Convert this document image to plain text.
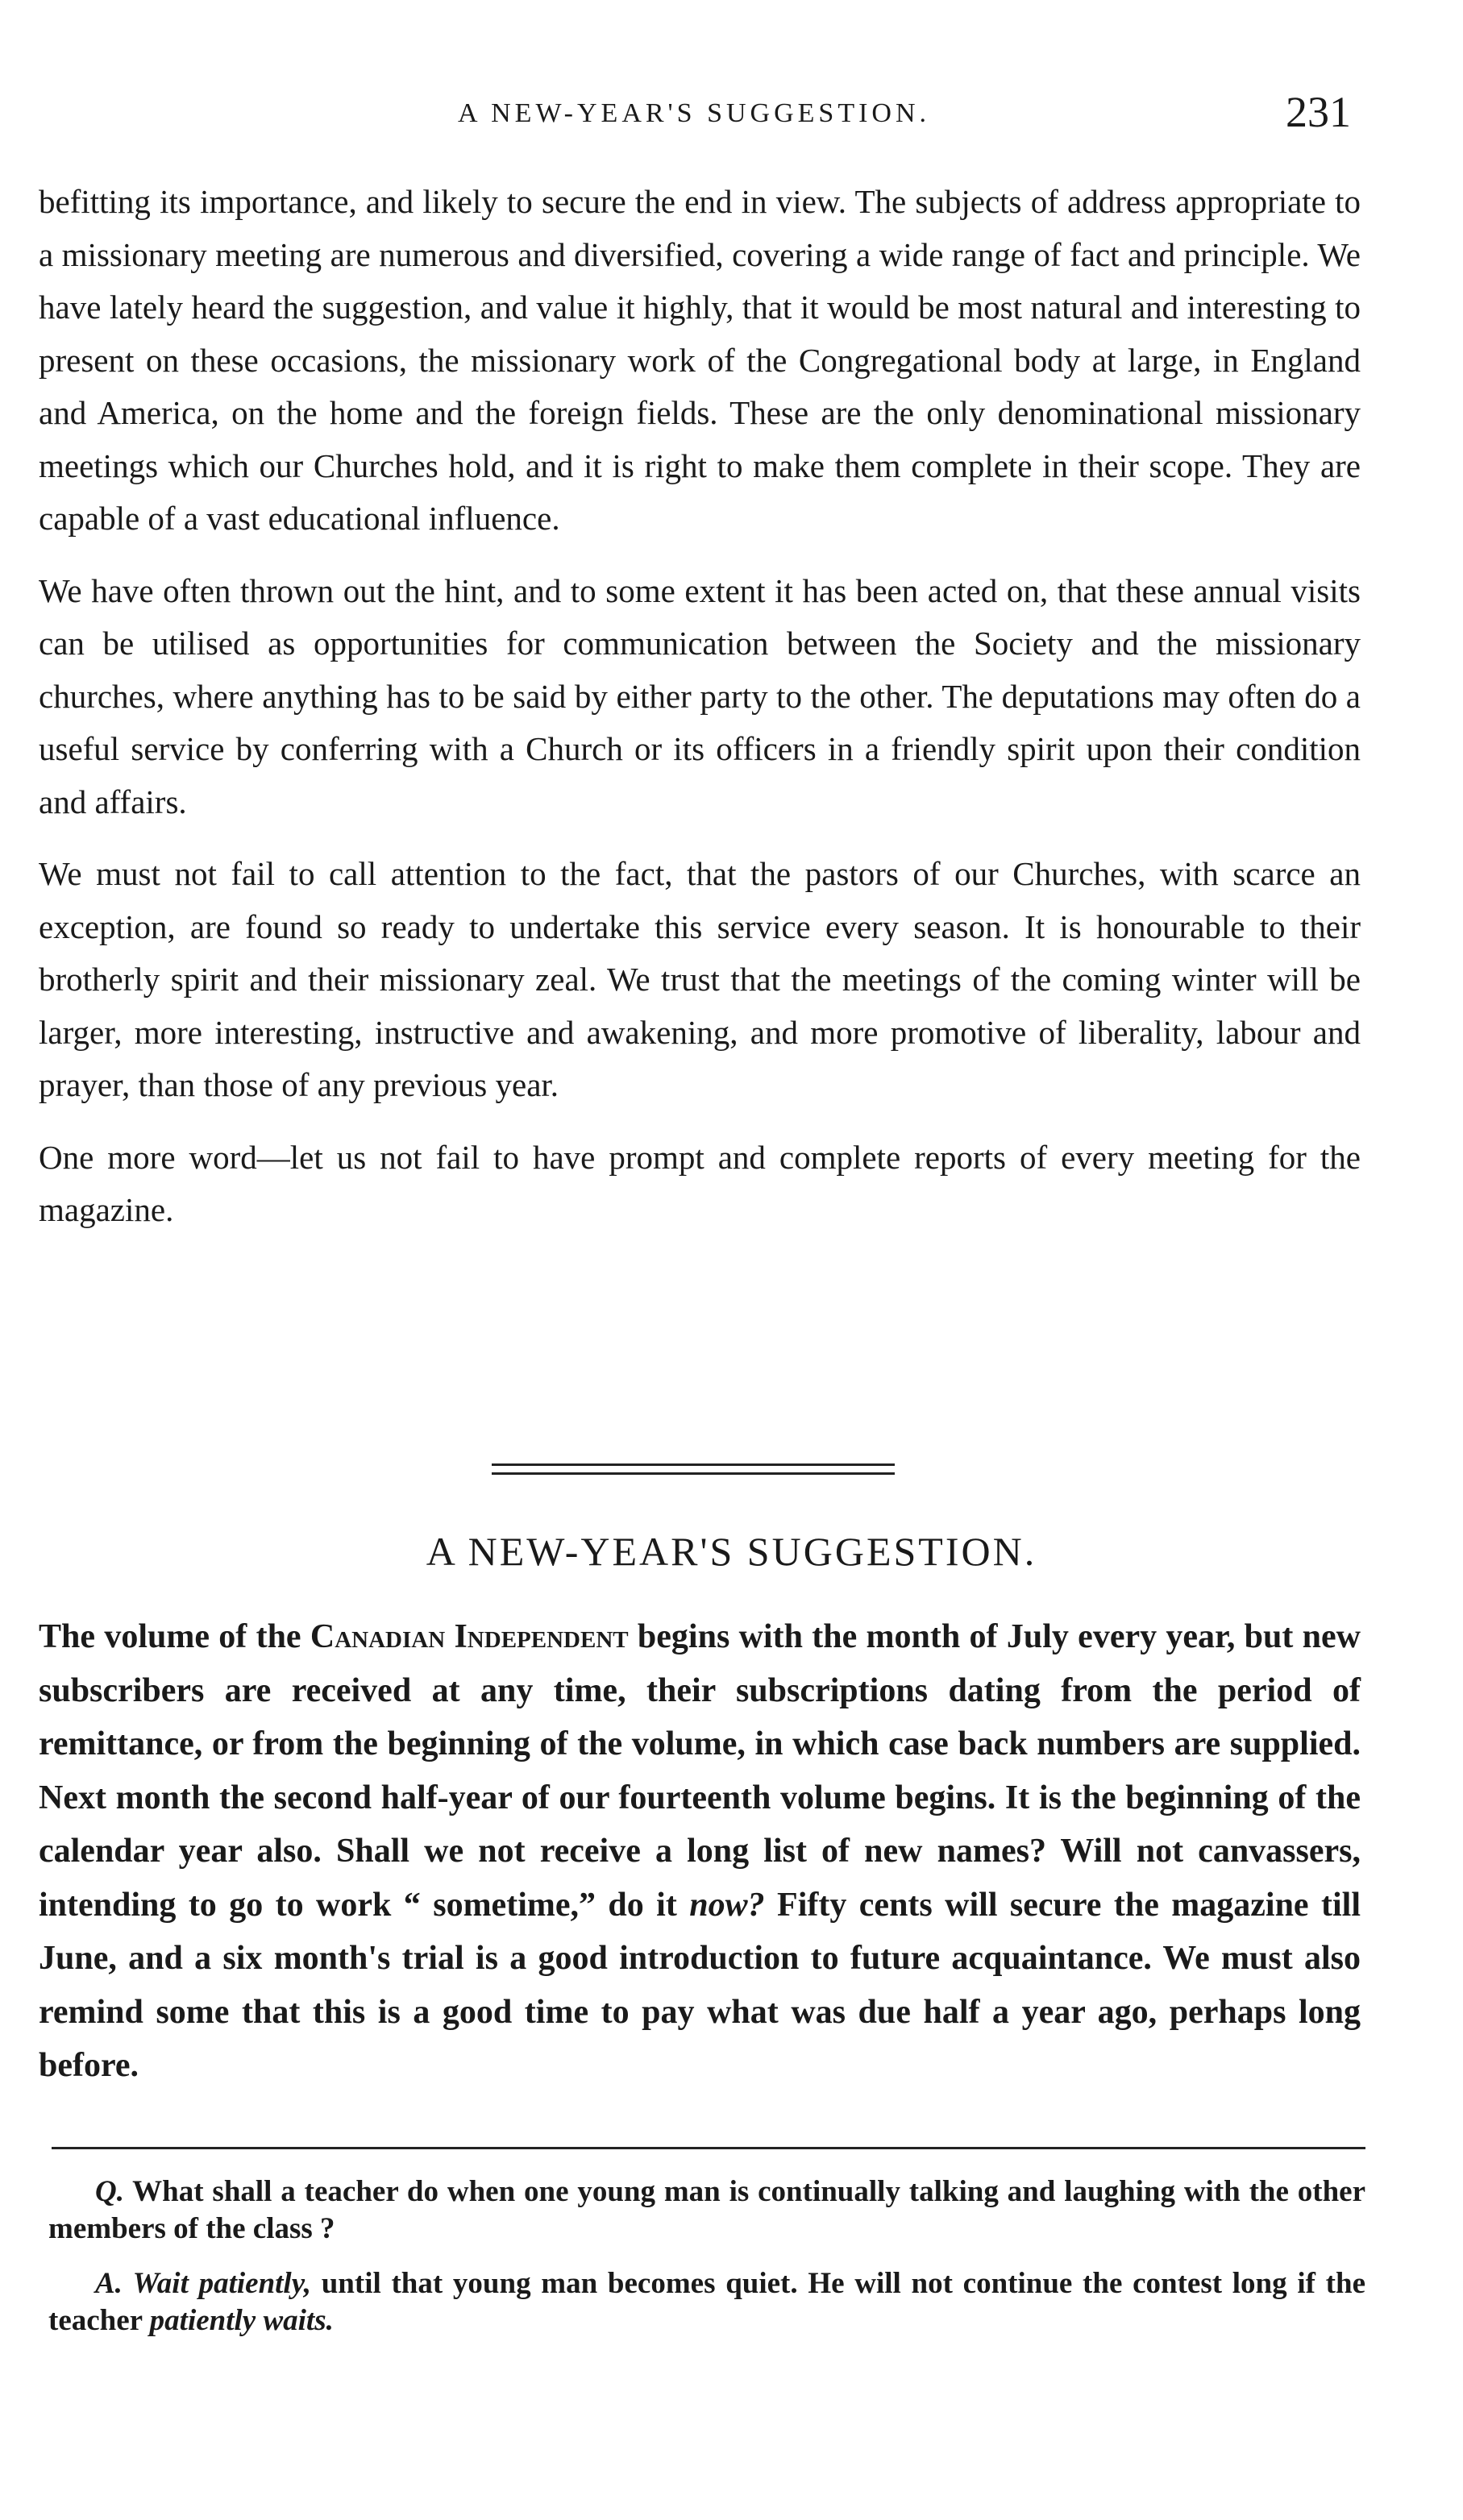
A NEW-YEAR'S SUGGESTION.	231

befitting its importance, and likely to secure the end in view. The subjects of address appropriate to a missionary meeting are numerous and diversified, covering a wide range of fact and principle. We have lately heard the suggestion, and value it highly, that it would be most natural and interesting to present on these occasions, the missionary work of the Congregational body at large, in England and America, on the home and the foreign fields. These are the only denominational missionary meetings which our Churches hold, and it is right to make them complete in their scope. They are capable of a vast educational influence.

We have often thrown out the hint, and to some extent it has been acted on, that these annual visits can be utilised as opportunities for communication between the Society and the missionary churches, where anything has to be said by either party to the other. The deputations may often do a useful service by conferring with a Church or its officers in a friendly spirit upon their condition and affairs.

We must not fail to call attention to the fact, that the pastors of our Churches, with scarce an exception, are found so ready to undertake this service every season. It is honourable to their brotherly spirit and their missionary zeal. We trust that the meetings of the coming winter will be larger, more interesting, instructive and awakening, and more promotive of liberality, labour and prayer, than those of any previous year.

One more word—let us not fail to have prompt and complete reports of every meeting for the magazine.

A NEW-YEAR'S SUGGESTION.

The volume of the Canadian Independent begins with the month of July every year, but new subscribers are received at any time, their subscriptions dating from the period of remittance, or from the beginning of the volume, in which case back numbers are supplied. Next month the second half-year of our fourteenth volume begins. It is the beginning of the calendar year also. Shall we not receive a long list of new names? Will not canvassers, intending to go to work “ sometime,” do it now? Fifty cents will secure the magazine till June, and a six month's trial is a good introduction to future acquaintance. We must also remind some that this is a good time to pay what was due half a year ago, perhaps long before.

Q. What shall a teacher do when one young man is continually talking and laughing with the other members of the class ?

A. Wait patiently, until that young man becomes quiet. He will not continue the contest long if the teacher patiently waits.
